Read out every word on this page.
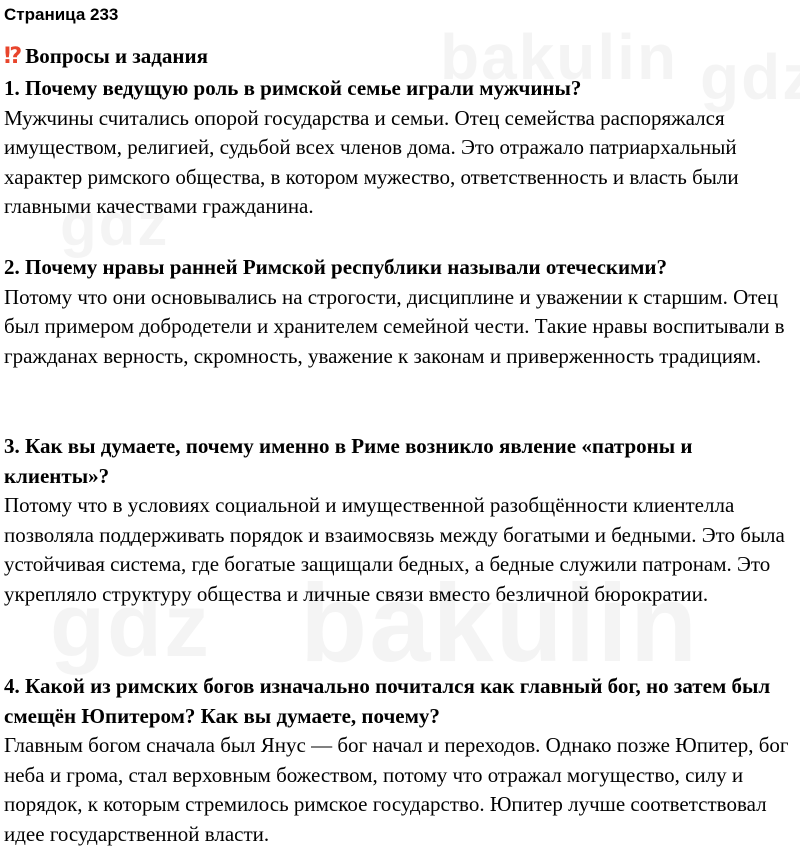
Страница 233
⁉ Вопросы и задания

1. Почему ведущую роль в римской семье играли мужчины?

Мужчины считались опорой государства и семьи. Отец семейства распоряжался имуществом, религией, судьбой всех членов дома. Это отражало патриархальный характер римского общества, в котором мужество, ответственность и власть были главными качествами гражданина.

2. Почему нравы ранней Римской республики называли отеческими?

Потому что они основывались на строгости, дисциплине и уважении к старшим. Отец был примером добродетели и хранителем семейной чести. Такие нравы воспитывали в гражданах верность, скромность, уважение к законам и приверженность традициям.

3. Как вы думаете, почему именно в Риме возникло явление «патроны и клиенты»?

Потому что в условиях социальной и имущественной разобщённости клиентелла позволяла поддерживать порядок и взаимосвязь между богатыми и бедными. Это была устойчивая система, где богатые защищали бедных, а бедные служили патронам. Это укрепляло структуру общества и личные связи вместо безличной бюрократии.

4. Какой из римских богов изначально почитался как главный бог, но затем был смещён Юпитером? Как вы думаете, почему?

Главным богом сначала был Янус — бог начал и переходов. Однако позже Юпитер, бог неба и грома, стал верховным божеством, потому что отражал могущество, силу и порядок, к которым стремилось римское государство. Юпитер лучше соответствовал идее государственной власти.
